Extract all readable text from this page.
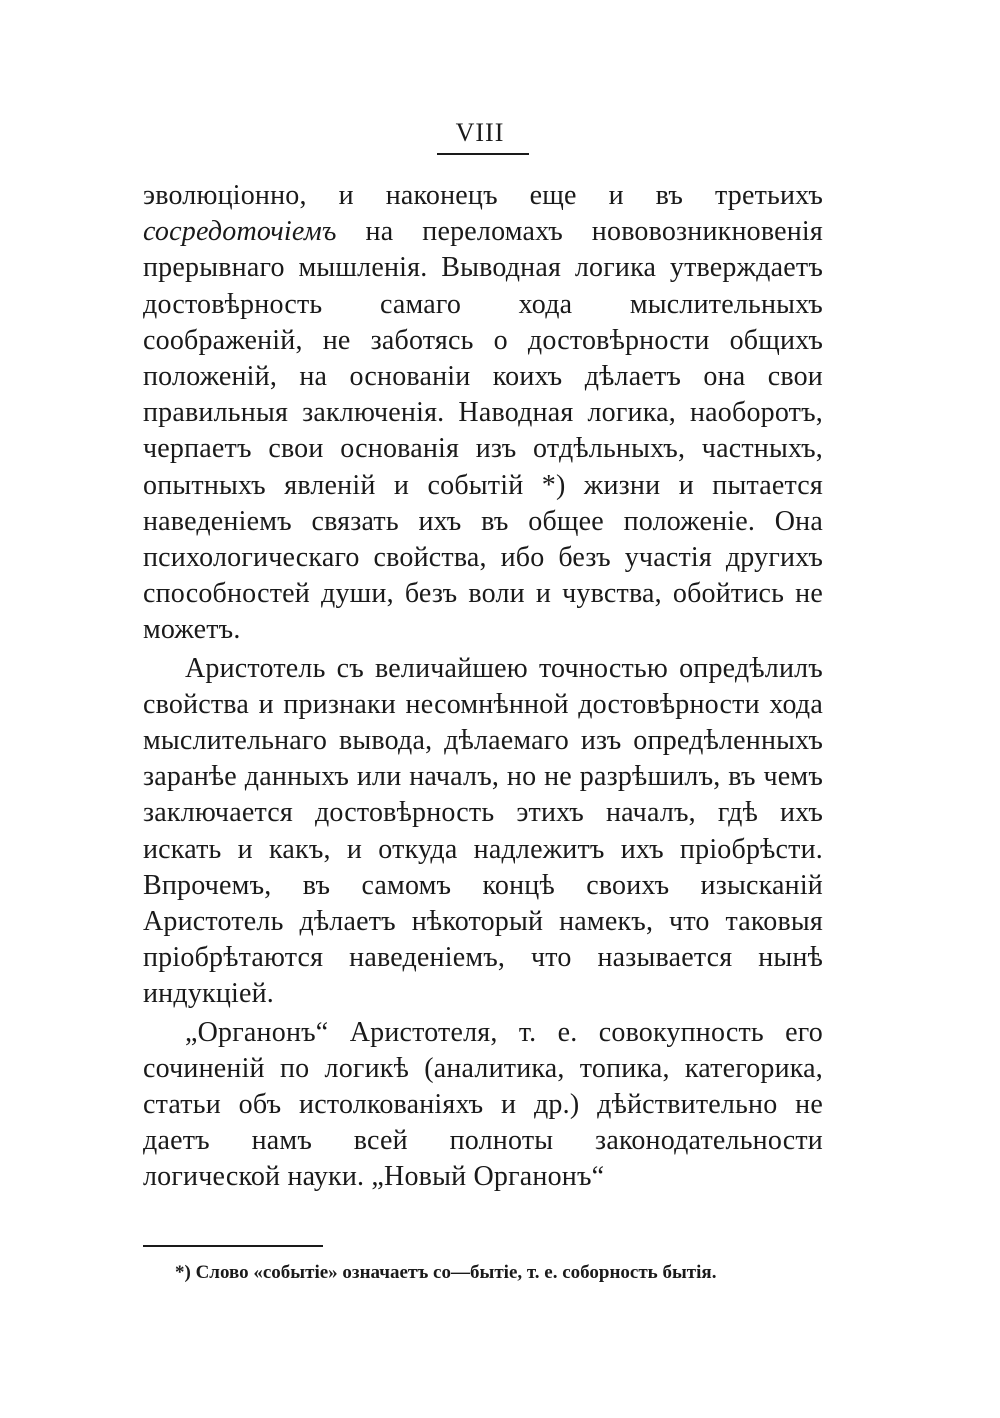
VIII

эволюціонно, и наконецъ еще и въ третьихъ сосредоточіемъ на переломахъ нововозникновенія прерывнаго мышленія. Выводная логика утверждаетъ достовѣрность самаго хода мыслительныхъ соображеній, не заботясь о достовѣрности общихъ положеній, на основаніи коихъ дѣлаетъ она свои правильныя заключенія. Наводная логика, наоборотъ, черпаетъ свои основанія изъ отдѣльныхъ, частныхъ, опытныхъ явленій и событій *) жизни и пытается наведеніемъ связать ихъ въ общее положеніе. Она психологическаго свойства, ибо безъ участія другихъ способностей души, безъ воли и чувства, обойтись не можетъ.

Аристотель съ величайшею точностью опредѣлилъ свойства и признаки несомнѣнной достовѣрности хода мыслительнаго вывода, дѣлаемаго изъ опредѣленныхъ заранѣе данныхъ или началъ, но не разрѣшилъ, въ чемъ заключается достовѣрность этихъ началъ, гдѣ ихъ искать и какъ, и откуда надлежитъ ихъ пріобрѣсти. Впрочемъ, въ самомъ концѣ своихъ изысканій Аристотель дѣлаетъ нѣкоторый намекъ, что таковыя пріобрѣтаются наведеніемъ, что называется нынѣ индукціей.

„Органонъ“ Аристотеля, т. е. совокупность его сочиненій по логикѣ (аналитика, топика, категорика, статьи объ истолкованіяхъ и др.) дѣйствительно не даетъ намъ всей полноты законодательности логической науки. „Новый Органонъ“

*) Слово «событіе» означаетъ со—бытіе, т. е. соборность бытія.
